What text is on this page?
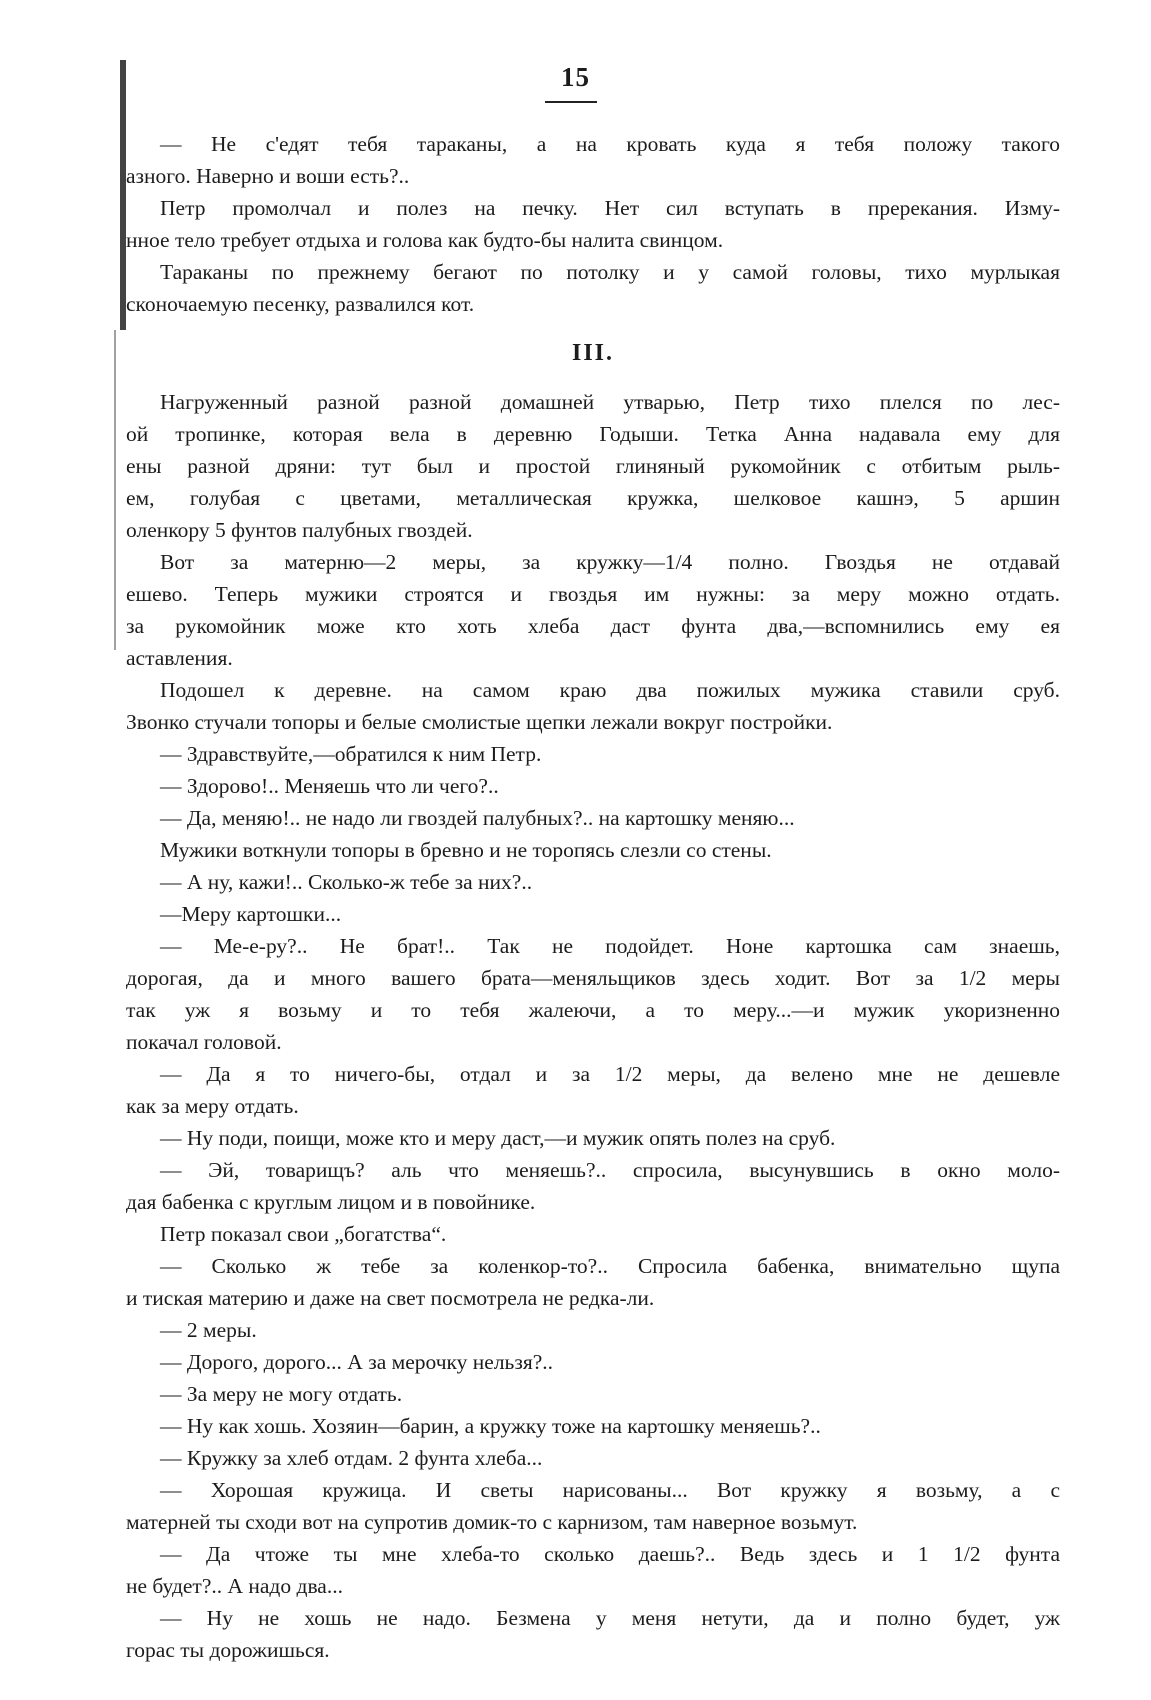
15
— Не с'едят тебя тараканы, а на кровать куда я тебя положу такого
азного. Наверно и воши есть?..
Петр промолчал и полез на печку. Нет сил вступать в пререкания. Изму-
нное тело требует отдыха и голова как будто-бы налита свинцом.
Тараканы по прежнему бегают по потолку и у самой головы, тихо мурлыкая
сконочаемую песенку, развалился кот.
III.
Нагруженный разной разной домашней утварью, Петр тихо плелся по лес-
ой тропинке, которая вела в деревню Годыши. Тетка Анна надавала ему для
ены разной дряни: тут был и простой глиняный рукомойник с отбитым рыль-
ем, голубая с цветами, металлическая кружка, шелковое кашнэ, 5 аршин
оленкору 5 фунтов палубных гвоздей.
Вот за матерню—2 меры, за кружку—1/4 полно. Гвоздья не отдавай
ешево. Теперь мужики строятся и гвоздья им нужны: за меру можно отдать.
за рукомойник може кто хоть хлеба даст фунта два,—вспомнились ему ея
аставления.
Подошел к деревне. на самом краю два пожилых мужика ставили сруб.
Звонко стучали топоры и белые смолистые щепки лежали вокруг постройки.
— Здравствуйте,—обратился к ним Петр.
— Здорово!.. Меняешь что ли чего?..
— Да, меняю!.. не надо ли гвоздей палубных?.. на картошку меняю...
Мужики воткнули топоры в бревно и не торопясь слезли со стены.
— А ну, кажи!.. Сколько-ж тебе за них?..
—Меру картошки...
— Ме-е-ру?.. Не брат!.. Так не подойдет. Ноне картошка сам знаешь,
дорогая, да и много вашего брата—меняльщиков здесь ходит. Вот за 1/2 меры
так уж я возьму и то тебя жалеючи, а то меру...—и мужик укоризненно
покачал головой.
— Да я то ничего-бы, отдал и за 1/2 меры, да велено мне не дешевле
как за меру отдать.
— Ну поди, поищи, може кто и меру даст,—и мужик опять полез на сруб.
— Эй, товарищъ? аль что меняешь?.. спросила, высунувшись в окно моло-
дая бабенка с круглым лицом и в повойнике.
Петр показал свои „богатства“.
— Сколько ж тебе за коленкор-то?.. Спросила бабенка, внимательно щупа
и тиская материю и даже на свет посмотрела не редка-ли.
— 2 меры.
— Дорого, дорого... А за мерочку нельзя?..
— За меру не могу отдать.
— Ну как хошь. Хозяин—барин, а кружку тоже на картошку меняешь?..
— Кружку за хлеб отдам. 2 фунта хлеба...
— Хорошая кружица. И светы нарисованы... Вот кружку я возьму, а с
матерней ты сходи вот на супротив домик-то с карнизом, там наверное возьмут.
— Да чтоже ты мне хлеба-то сколько даешь?.. Ведь здесь и 1 1/2 фунта
не будет?.. А надо два...
— Ну не хошь не надо. Безмена у меня нетути, да и полно будет, уж
горас ты дорожишься.
